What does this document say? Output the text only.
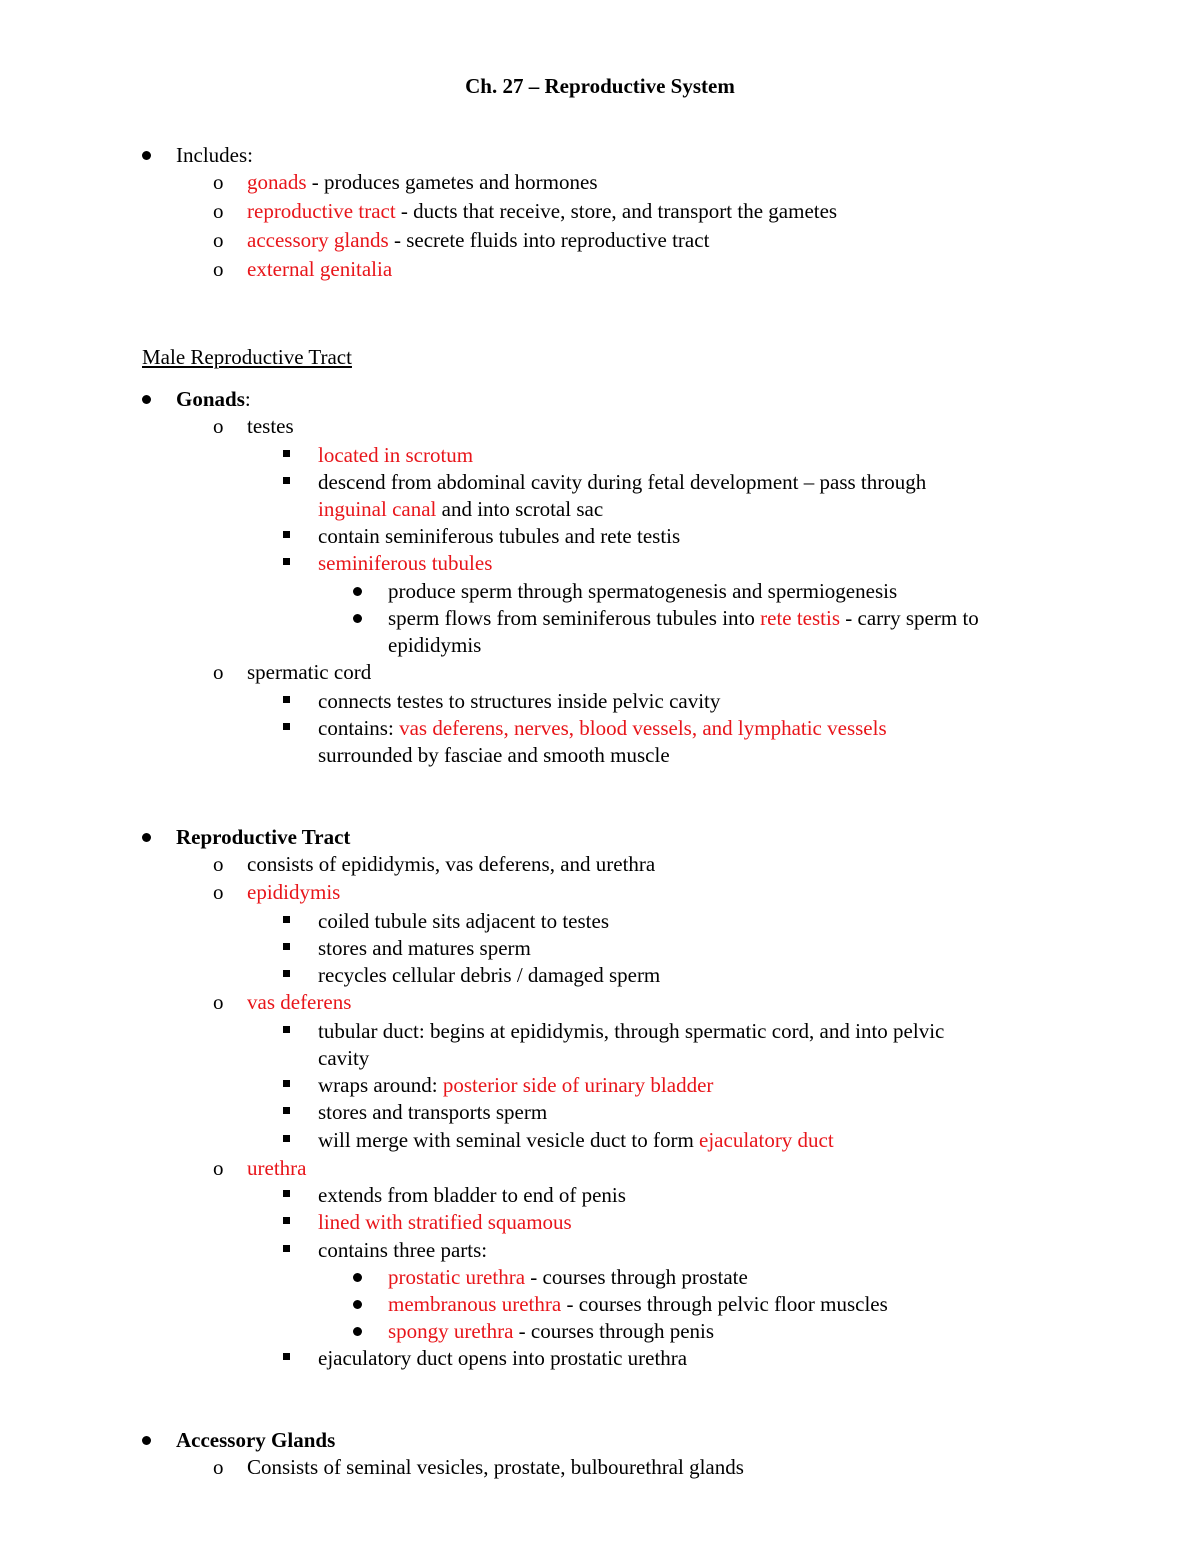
Ch. 27 – Reproductive System
Includes:
o gonads - produces gametes and hormones
o reproductive tract - ducts that receive, store, and transport the gametes
o accessory glands - secrete fluids into reproductive tract
o external genitalia
Male Reproductive Tract
Gonads:
o testes
located in scrotum
descend from abdominal cavity during fetal development – pass through
inguinal canal and into scrotal sac
contain seminiferous tubules and rete testis
seminiferous tubules
produce sperm through spermatogenesis and spermiogenesis
sperm flows from seminiferous tubules into rete testis - carry sperm to
epididymis
o spermatic cord
connects testes to structures inside pelvic cavity
contains: vas deferens, nerves, blood vessels, and lymphatic vessels
surrounded by fasciae and smooth muscle
Reproductive Tract
o consists of epididymis, vas deferens, and urethra
o epididymis
coiled tubule sits adjacent to testes
stores and matures sperm
recycles cellular debris / damaged sperm
o vas deferens
tubular duct: begins at epididymis, through spermatic cord, and into pelvic
cavity
wraps around: posterior side of urinary bladder
stores and transports sperm
will merge with seminal vesicle duct to form ejaculatory duct
o urethra
extends from bladder to end of penis
lined with stratified squamous
contains three parts:
prostatic urethra - courses through prostate
membranous urethra - courses through pelvic floor muscles
spongy urethra - courses through penis
ejaculatory duct opens into prostatic urethra
Accessory Glands
o Consists of seminal vesicles, prostate, bulbourethral glands
